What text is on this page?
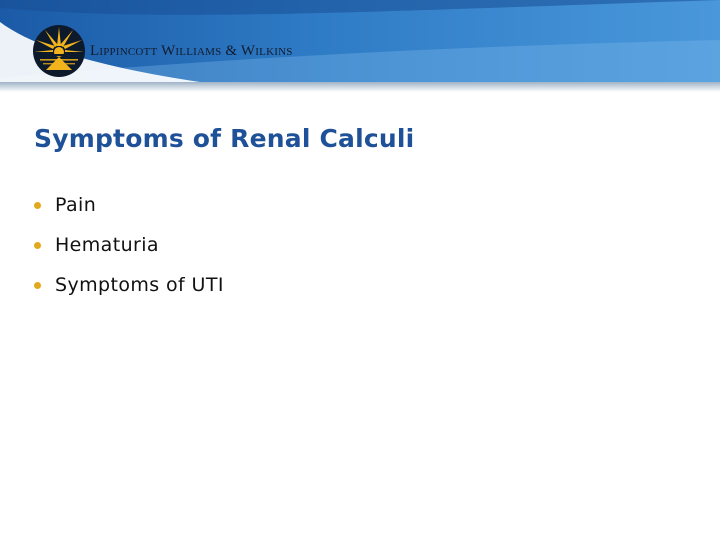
Lippincott Williams & Wilkins
Symptoms of Renal Calculi
Pain
Hematuria
Symptoms of UTI
